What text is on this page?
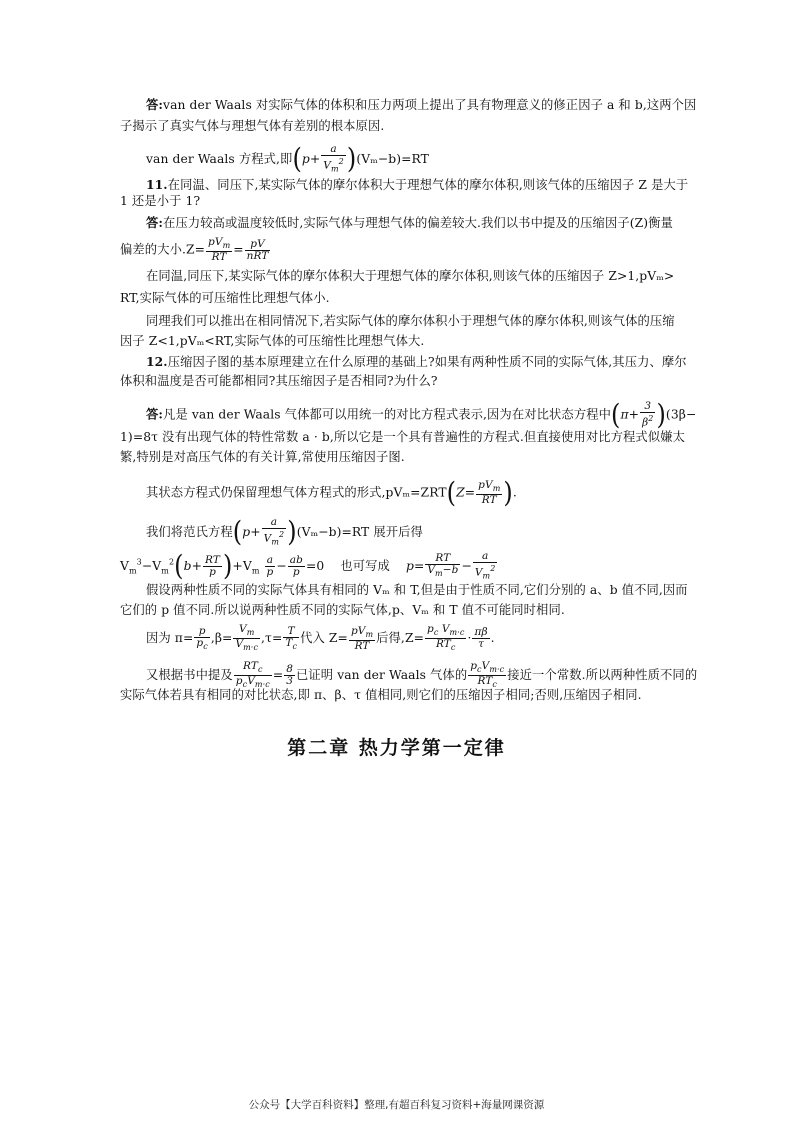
答:van der Waals 对实际气体的体积和压力两项上提出了具有物理意义的修正因子 a 和 b,这两个因
子揭示了真实气体与理想气体有差别的根本原因.
van der Waals 方程式,即$(p+ \frac{a}{V_m^2} )(V_m-b)=RT$
11.在同温、同压下,某实际气体的摩尔体积大于理想气体的摩尔体积,则该气体的压缩因子 Z 是大于
1 还是小于 1?
答:在压力较高或温度较低时,实际气体与理想气体的偏差较大.我们以书中提及的压缩因子(Z)衡量
偏差的大小$.Z= \frac{pV_m}{RT} = \frac{pV}{\text{nRT}}$
在同温,同压下,某实际气体的摩尔体积大于理想气体的摩尔体积,则该气体的压缩因子 Z>1,pVₘ>
RT,实际气体的可压缩性比理想气体小.
同理我们可以推出在相同情况下,若实际气体的摩尔体积小于理想气体的摩尔体积,则该气体的压缩
因子 Z<1,pVₘ<RT,实际气体的可压缩性比理想气体大.
12.压缩因子图的基本原理建立在什么原理的基础上?如果有两种性质不同的实际气体,其压力、摩尔
体积和温度是否可能都相同?其压缩因子是否相同?为什么?
答:凡是 van der Waals 气体都可以用统一的对比方程式表示,因为在对比状态方程中$(\pi+ \frac{3}{\beta^2} )(3\beta-$
1)=8τ 没有出现气体的特性常数 a · b,所以它是一个具有普遍性的方程式.但直接使用对比方程式似嫌太
繁,特别是对高压气体的有关计算,常使用压缩因子图.
其状态方程式仍保留理想气体方程式的形式$,pV_m=ZRT(Z= \frac{pV_m}{RT}$ ).
我们将范氏方程$(p+ \frac{a}{V_m^2} )(V_m-b)=RT$ 展开后得
$V_m^3-V_m^2(b+ \frac{RT}{p} )+V_m \frac{a}{p} - \frac{ab}{p} =0$    也可写成 $p= \frac{RT}{V_m-b} - \frac{a}{V_m^2}$
假设两种性质不同的实际气体具有相同的 Vₘ 和 T,但是由于性质不同,它们分别的 a、b 值不同,因而
它们的 p 值不同.所以说两种性质不同的实际气体,p、Vₘ 和 T 值不可能同时相同.
因为 $\pi= \frac{p}{p_c} ,\beta= \frac{V_m}{V_{m\cdot c}} ,\tau= \frac{T}{T_c}$ 代入 $Z= \frac{pV_m}{RT}$ 后得$,Z= \frac{p_c V_{m\cdot c}}{RT_c} \cdot \frac{\pi\beta}{\tau}$ .
又根据书中提及 $\frac{RT_c}{p_cV_{m\cdot c}} = \frac{8}{3}$ 已证明 van der Waals 气体的 $\frac{p_cV_{m\cdot c}}{RT_c}$ 接近一个常数.所以两种性质不同的
实际气体若具有相同的对比状态,即 π、β、τ 值相同,则它们的压缩因子相同;否则,压缩因子相同.
第二章 热力学第一定律
公众号【大学百科资料】整理,有超百科复习资料+海量网课资源
